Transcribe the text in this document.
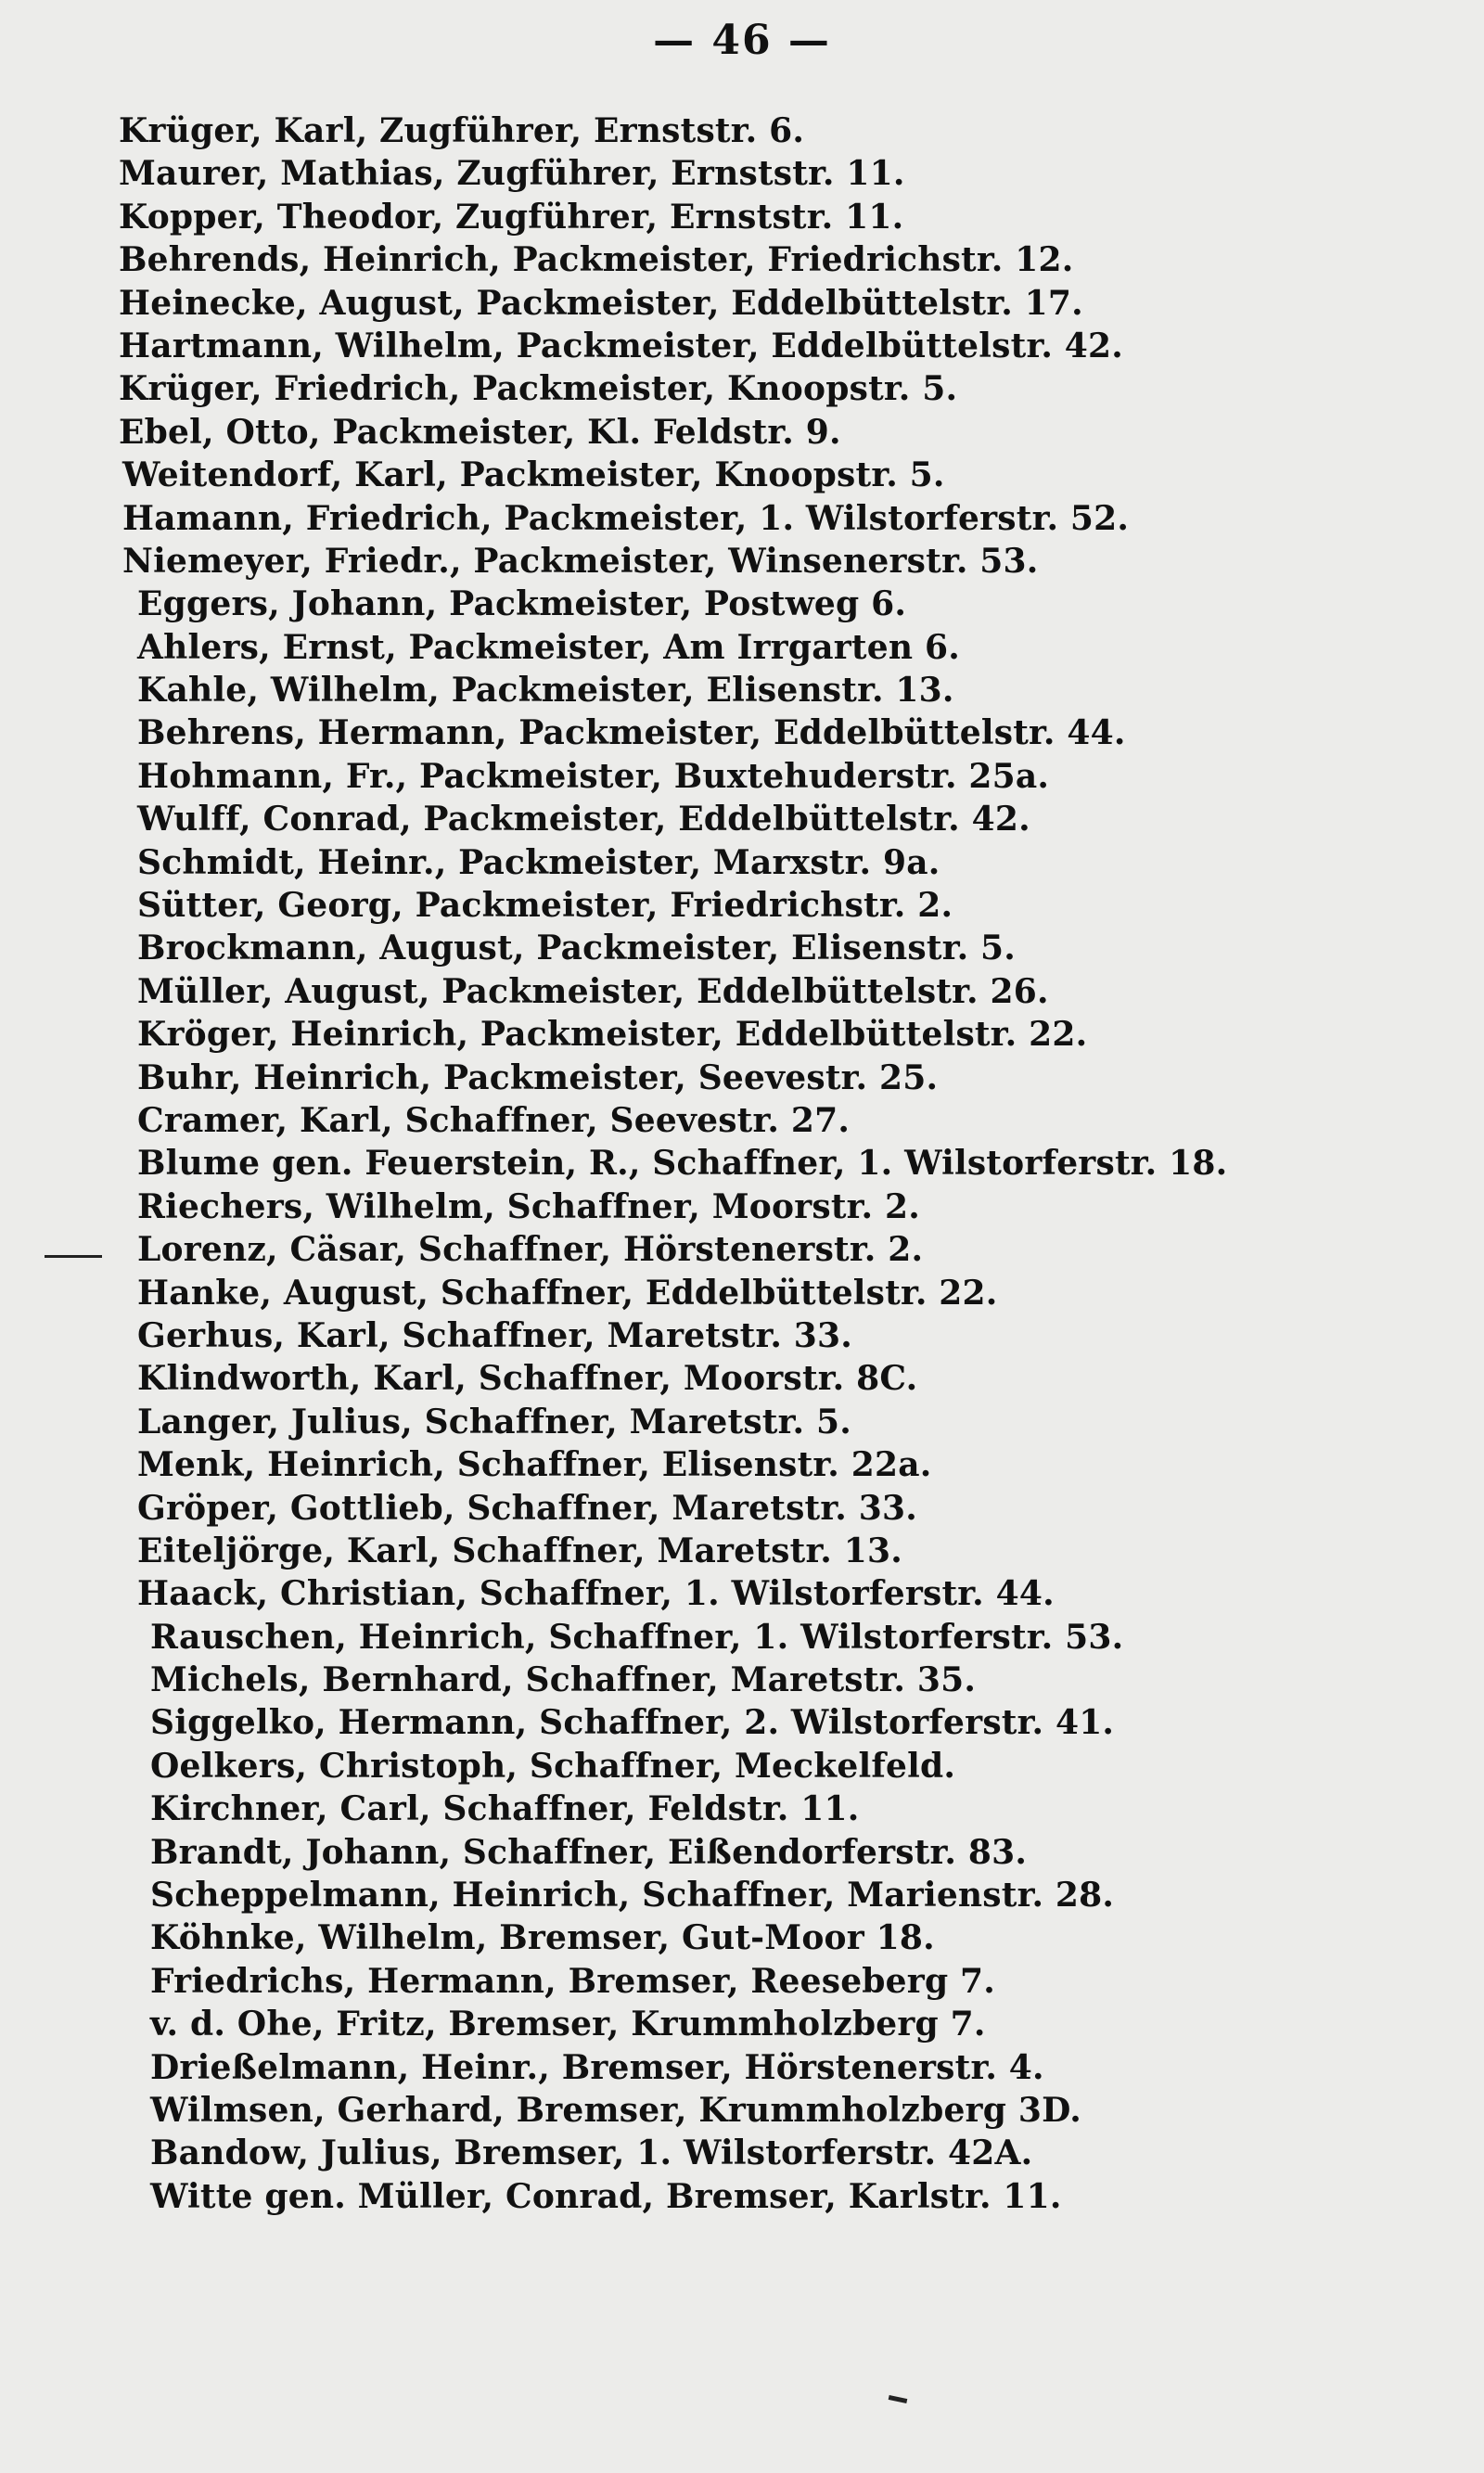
— 46 —
Krüger, Karl, Zugführer, Ernststr. 6.
Maurer, Mathias, Zugführer, Ernststr. 11.
Kopper, Theodor, Zugführer, Ernststr. 11.
Behrends, Heinrich, Packmeister, Friedrichstr. 12.
Heinecke, August, Packmeister, Eddelbüttelstr. 17.
Hartmann, Wilhelm, Packmeister, Eddelbüttelstr. 42.
Krüger, Friedrich, Packmeister, Knoopstr. 5.
Ebel, Otto, Packmeister, Kl. Feldstr. 9.
Weitendorf, Karl, Packmeister, Knoopstr. 5.
Hamann, Friedrich, Packmeister, 1. Wilstorferstr. 52.
Niemeyer, Friedr., Packmeister, Winsenerstr. 53.
Eggers, Johann, Packmeister, Postweg 6.
Ahlers, Ernst, Packmeister, Am Irrgarten 6.
Kahle, Wilhelm, Packmeister, Elisenstr. 13.
Behrens, Hermann, Packmeister, Eddelbüttelstr. 44.
Hohmann, Fr., Packmeister, Buxtehuderstr. 25a.
Wulff, Conrad, Packmeister, Eddelbüttelstr. 42.
Schmidt, Heinr., Packmeister, Marxstr. 9a.
Sütter, Georg, Packmeister, Friedrichstr. 2.
Brockmann, August, Packmeister, Elisenstr. 5.
Müller, August, Packmeister, Eddelbüttelstr. 26.
Kröger, Heinrich, Packmeister, Eddelbüttelstr. 22.
Buhr, Heinrich, Packmeister, Seevestr. 25.
Cramer, Karl, Schaffner, Seevestr. 27.
Blume gen. Feuerstein, R., Schaffner, 1. Wilstorferstr. 18.
Riechers, Wilhelm, Schaffner, Moorstr. 2.
Lorenz, Cäsar, Schaffner, Hörstenerstr. 2.
Hanke, August, Schaffner, Eddelbüttelstr. 22.
Gerhus, Karl, Schaffner, Maretstr. 33.
Klindworth, Karl, Schaffner, Moorstr. 8C.
Langer, Julius, Schaffner, Maretstr. 5.
Menk, Heinrich, Schaffner, Elisenstr. 22a.
Gröper, Gottlieb, Schaffner, Maretstr. 33.
Eiteljörge, Karl, Schaffner, Maretstr. 13.
Haack, Christian, Schaffner, 1. Wilstorferstr. 44.
Rauschen, Heinrich, Schaffner, 1. Wilstorferstr. 53.
Michels, Bernhard, Schaffner, Maretstr. 35.
Siggelko, Hermann, Schaffner, 2. Wilstorferstr. 41.
Oelkers, Christoph, Schaffner, Meckelfeld.
Kirchner, Carl, Schaffner, Feldstr. 11.
Brandt, Johann, Schaffner, Eißendorferstr. 83.
Scheppelmann, Heinrich, Schaffner, Marienstr. 28.
Köhnke, Wilhelm, Bremser, Gut-Moor 18.
Friedrichs, Hermann, Bremser, Reeseberg 7.
v. d. Ohe, Fritz, Bremser, Krummholzberg 7.
Drießelmann, Heinr., Bremser, Hörstenerstr. 4.
Wilmsen, Gerhard, Bremser, Krummholzberg 3D.
Bandow, Julius, Bremser, 1. Wilstorferstr. 42A.
Witte gen. Müller, Conrad, Bremser, Karlstr. 11.
